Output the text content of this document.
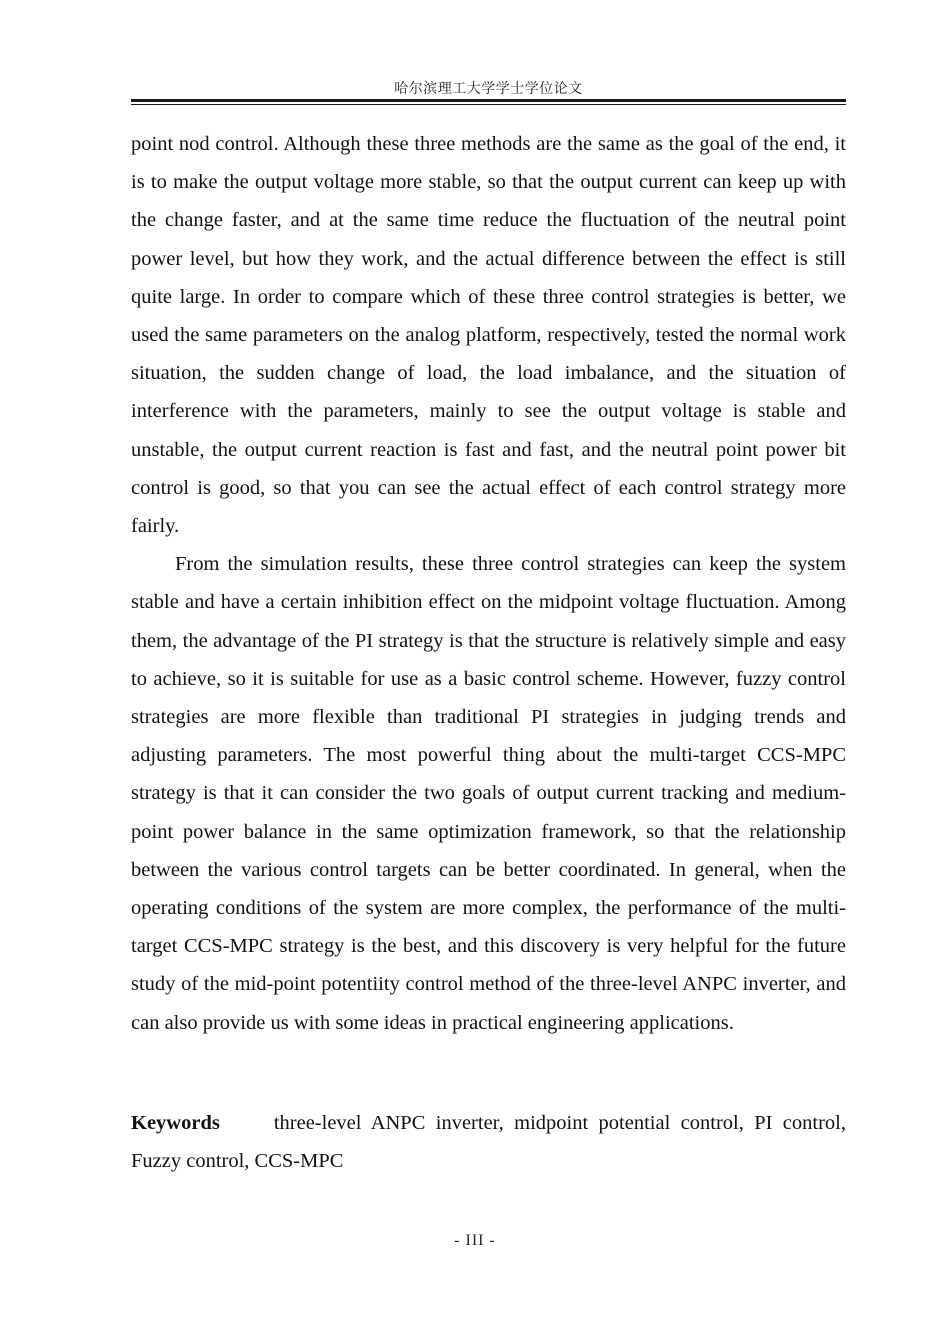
哈尔滨理工大学学士学位论文

point nod control. Although these three methods are the same as the goal of the end, it is to make the output voltage more stable, so that the output current can keep up with the change faster, and at the same time reduce the fluctuation of the neutral point power level, but how they work, and the actual difference between the effect is still quite large. In order to compare which of these three control strategies is better, we used the same parameters on the analog platform, respectively, tested the normal work situation, the sudden change of load, the load imbalance, and the situation of interference with the parameters, mainly to see the output voltage is stable and unstable, the output current reaction is fast and fast, and the neutral point power bit control is good, so that you can see the actual effect of each control strategy more fairly.

From the simulation results, these three control strategies can keep the system stable and have a certain inhibition effect on the midpoint voltage fluctuation. Among them, the advantage of the PI strategy is that the structure is relatively simple and easy to achieve, so it is suitable for use as a basic control scheme. However, fuzzy control strategies are more flexible than traditional PI strategies in judging trends and adjusting parameters. The most powerful thing about the multi-target CCS-MPC strategy is that it can consider the two goals of output current tracking and medium-point power balance in the same optimization framework, so that the relationship between the various control targets can be better coordinated. In general, when the operating conditions of the system are more complex, the performance of the multi-target CCS-MPC strategy is the best, and this discovery is very helpful for the future study of the mid-point potentiity control method of the three-level ANPC inverter, and can also provide us with some ideas in practical engineering applications.

Keywords	three-level ANPC inverter, midpoint potential control, PI control, Fuzzy control, CCS-MPC
- III -
